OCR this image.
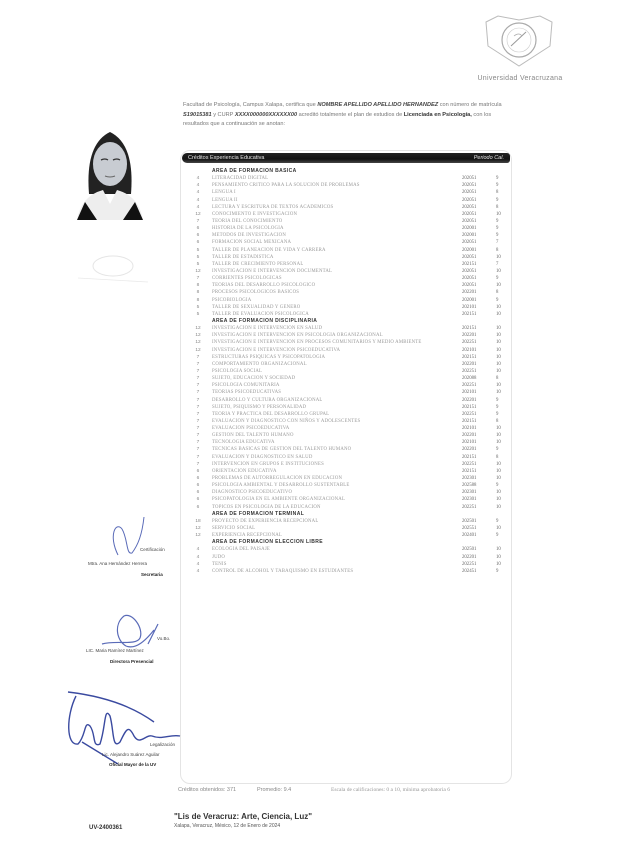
Universidad Veracruzana
Facultad de Psicología, Campus Xalapa, certifica que NOMBRE APELLIDO APELLIDO HERNANDEZ con número de matrícula S19015381 y CURP XXXX000000XXXXXX00 acreditó totalmente el plan de estudios de Licenciada en Psicología, con los resultados que a continuación se anotan:
Créditos Experiencia Educativa	Periodo Cal.
AREA DE FORMACION BASICA
4	LITERACIDAD DIGITAL	202051	9
4	PENSAMIENTO CRITICO PARA LA SOLUCION DE PROBLEMAS	202051	9
4	LENGUA I	202051	8
4	LENGUA II	202051	9
4	LECTURA Y ESCRITURA DE TEXTOS ACADEMICOS	202051	8
12	CONOCIMIENTO E INVESTIGACION	202051	10
7	TEORIA DEL CONOCIMIENTO	202051	9
6	HISTORIA DE LA PSICOLOGIA	202001	9
6	METODOS DE INVESTIGACION	202001	9
6	FORMACION SOCIAL MEXICANA	202051	7
5	TALLER DE PLANEACION DE VIDA Y CARRERA	202001	8
5	TALLER DE ESTADISTICA	202051	10
5	TALLER DE CRECIMIENTO PERSONAL	202151	7
12	INVESTIGACION E INTERVENCION DOCUMENTAL	202051	10
7	CORRIENTES PSICOLOGICAS	202051	9
8	TEORIAS DEL DESARROLLO PSICOLOGICO	202051	10
8	PROCESOS PSICOLOGICOS BASICOS	202201	8
8	PSICOBIOLOGIA	202001	9
5	TALLER DE SEXUALIDAD Y GENERO	202101	10
5	TALLER DE EVALUACION PSICOLOGICA	202151	10
AREA DE FORMACION DISCIPLINARIA
12	INVESTIGACION E INTERVENCION EN SALUD	202151	10
12	INVESTIGACION E INTERVENCION EN PSICOLOGIA ORGANIZACIONAL	202201	10
12	INVESTIGACION E INTERVENCION EN PROCESOS COMUNITARIOS Y MEDIO AMBIENTE	202251	10
12	INVESTIGACION E INTERVENCION PSICOEDUCATIVA	202101	10
7	ESTRUCTURAS PSIQUICAS Y PSICOPATOLOGIA	202151	10
7	COMPORTAMIENTO ORGANIZACIONAL	202201	10
7	PSICOLOGIA SOCIAL	202251	10
7	SUJETO, EDUCACION Y SOCIEDAD	202088	8
7	PSICOLOGIA COMUNITARIA	202251	10
7	TEORIAS PSICOEDUCATIVAS	202101	10
7	DESARROLLO Y CULTURA ORGANIZACIONAL	202201	9
7	SUJETO, PSIQUISMO Y PERSONALIDAD	202151	9
7	TEORIA Y PRACTICA DEL DESARROLLO GRUPAL	202251	9
7	EVALUACION Y DIAGNOSTICO CON NIÑOS Y ADOLESCENTES	202151	8
7	EVALUACION PSICOEDUCATIVA	202101	10
7	GESTION DEL TALENTO HUMANO	202201	10
7	TECNOLOGIA EDUCATIVA	202101	10
7	TECNICAS BASICAS DE GESTION DEL TALENTO HUMANO	202201	9
7	EVALUACION Y DIAGNOSTICO EN SALUD	202151	8
7	INTERVENCION EN GRUPOS E INSTITUCIONES	202251	10
6	ORIENTACION EDUCATIVA	202151	10
6	PROBLEMAS DE AUTORREGULACION EN EDUCACION	202301	10
6	PSICOLOGIA AMBIENTAL Y DESARROLLO SUSTENTABLE	202588	9
6	DIAGNOSTICO PSICOEDUCATIVO	202301	10
6	PSICOPATOLOGIA EN EL AMBIENTE ORGANIZACIONAL	202301	10
6	TOPICOS EN PSICOLOGIA DE LA EDUCACION	202251	10
AREA DE FORMACION TERMINAL
18	PROYECTO DE EXPERIENCIA RECEPCIONAL	202501	9
12	SERVICIO SOCIAL	202551	10
12	EXPERIENCIA RECEPCIONAL	202401	9
AREA DE FORMACION ELECCION LIBRE
4	ECOLOGIA DEL PAISAJE	202501	10
4	JUDO	202201	10
4	TENIS	202251	10
4	CONTROL DE ALCOHOL Y TABAQUISMO EN ESTUDIANTES	202451	9
Certificación
Mtra. Ana Hernández Herrera
Secretaria
Vo.Bo.
LIC. Maria Ramírez Martínez
Directora Presencial
Legalización
Lic. Alejandro Suárez Aguilar
Oficial Mayor de la UV
Créditos obtenidos: 371	Promedio: 9.4	Escala de calificaciones: 0 a 10, mínima aprobatoria 6
"Lis de Veracruz: Arte, Ciencia, Luz"
Xalapa, Veracruz, México, 12 de Enero de 2024
UV-2400361
